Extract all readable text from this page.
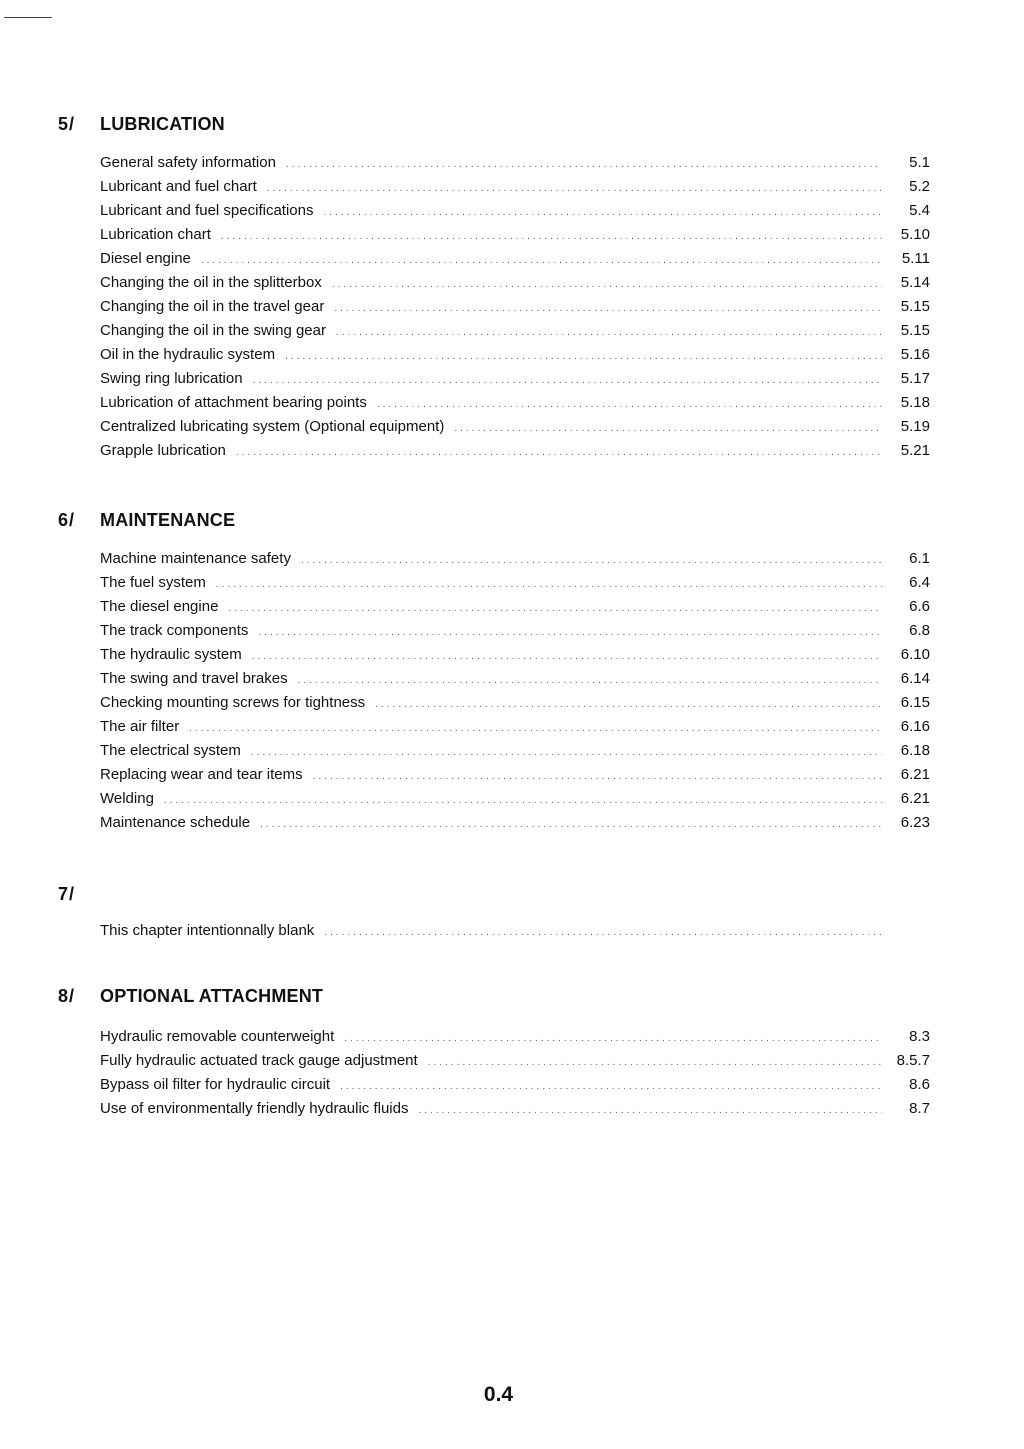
5/ LUBRICATION
General safety information .....	5.1
Lubricant and fuel chart .....	5.2
Lubricant and fuel specifications .....	5.4
Lubrication chart .....	5.10
Diesel engine .....	5.11
Changing the oil in the splitterbox .....	5.14
Changing the oil in the travel gear .....	5.15
Changing the oil in the swing gear .....	5.15
Oil in the hydraulic system .....	5.16
Swing ring lubrication .....	5.17
Lubrication of attachment bearing points .....	5.18
Centralized lubricating system (Optional equipment) .....	5.19
Grapple lubrication .....	5.21
6/ MAINTENANCE
Machine maintenance safety .....	6.1
The fuel system .....	6.4
The diesel engine .....	6.6
The track components .....	6.8
The hydraulic system .....	6.10
The swing and travel brakes .....	6.14
Checking mounting screws for tightness .....	6.15
The air filter .....	6.16
The electrical system .....	6.18
Replacing wear and tear items .....	6.21
Welding .....	6.21
Maintenance schedule .....	6.23
7/
This chapter intentionnally blank
.....
8/ OPTIONAL ATTACHMENT
Hydraulic removable counterweight .....	8.3
Fully hydraulic actuated track gauge adjustment .....	8.5.7
Bypass oil filter for hydraulic circuit .....	8.6
Use of environmentally friendly hydraulic fluids .....	8.7
0.4
